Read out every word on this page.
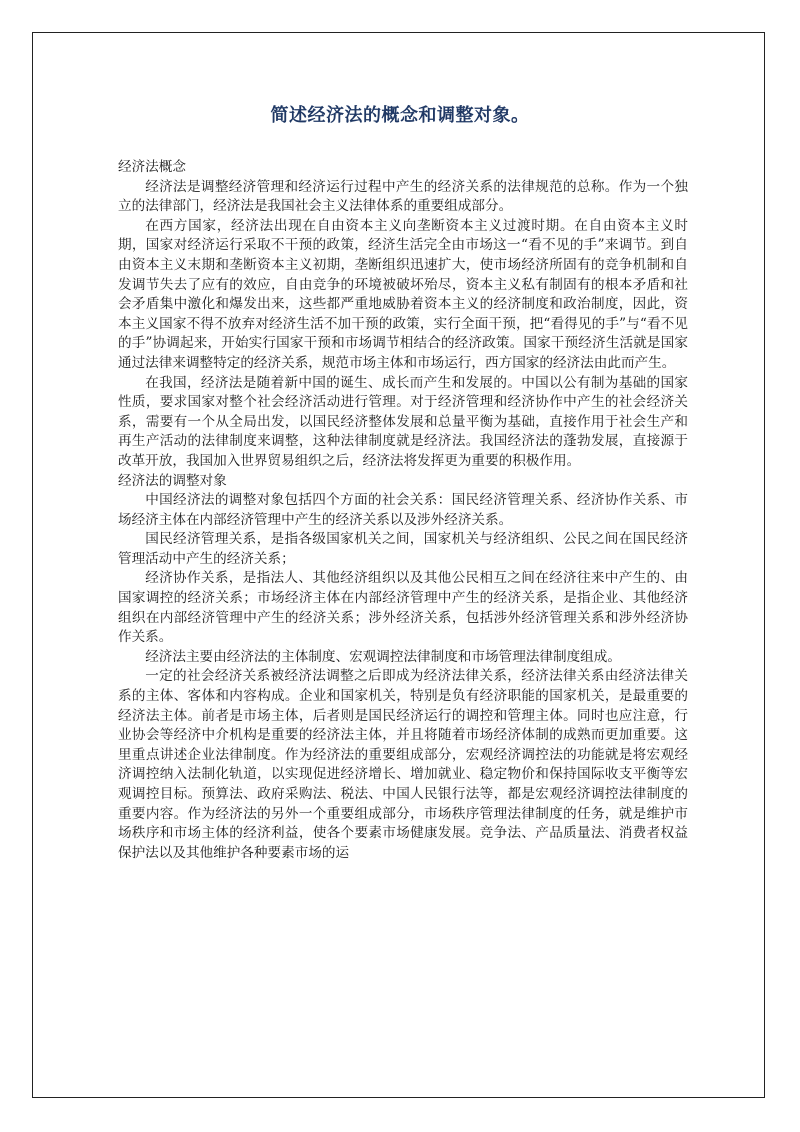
简述经济法的概念和调整对象。

经济法概念

经济法是调整经济管理和经济运行过程中产生的经济关系的法律规范的总称。作为一个独立的法律部门，经济法是我国社会主义法律体系的重要组成部分。

在西方国家，经济法出现在自由资本主义向垄断资本主义过渡时期。在自由资本主义时期，国家对经济运行采取不干预的政策，经济生活完全由市场这一“看不见的手”来调节。到自由资本主义末期和垄断资本主义初期，垄断组织迅速扩大，使市场经济所固有的竞争机制和自发调节失去了应有的效应，自由竞争的环境被破坏殆尽，资本主义私有制固有的根本矛盾和社会矛盾集中激化和爆发出来，这些都严重地威胁着资本主义的经济制度和政治制度，因此，资本主义国家不得不放弃对经济生活不加干预的政策，实行全面干预，把“看得见的手”与“看不见的手”协调起来，开始实行国家干预和市场调节相结合的经济政策。国家干预经济生活就是国家通过法律来调整特定的经济关系，规范市场主体和市场运行，西方国家的经济法由此而产生。

在我国，经济法是随着新中国的诞生、成长而产生和发展的。中国以公有制为基础的国家性质，要求国家对整个社会经济活动进行管理。对于经济管理和经济协作中产生的社会经济关系，需要有一个从全局出发，以国民经济整体发展和总量平衡为基础，直接作用于社会生产和再生产活动的法律制度来调整，这种法律制度就是经济法。我国经济法的蓬勃发展，直接源于改革开放，我国加入世界贸易组织之后，经济法将发挥更为重要的积极作用。

经济法的调整对象

中国经济法的调整对象包括四个方面的社会关系：国民经济管理关系、经济协作关系、市场经济主体在内部经济管理中产生的经济关系以及涉外经济关系。

国民经济管理关系，是指各级国家机关之间，国家机关与经济组织、公民之间在国民经济管理活动中产生的经济关系；

经济协作关系，是指法人、其他经济组织以及其他公民相互之间在经济往来中产生的、由国家调控的经济关系；市场经济主体在内部经济管理中产生的经济关系，是指企业、其他经济组织在内部经济管理中产生的经济关系；涉外经济关系，包括涉外经济管理关系和涉外经济协作关系。

经济法主要由经济法的主体制度、宏观调控法律制度和市场管理法律制度组成。

一定的社会经济关系被经济法调整之后即成为经济法律关系，经济法律关系由经济法律关系的主体、客体和内容构成。企业和国家机关，特别是负有经济职能的国家机关，是最重要的经济法主体。前者是市场主体，后者则是国民经济运行的调控和管理主体。同时也应注意，行业协会等经济中介机构是重要的经济法主体，并且将随着市场经济体制的成熟而更加重要。这里重点讲述企业法律制度。作为经济法的重要组成部分，宏观经济调控法的功能就是将宏观经济调控纳入法制化轨道，以实现促进经济增长、增加就业、稳定物价和保持国际收支平衡等宏观调控目标。预算法、政府采购法、税法、中国人民银行法等，都是宏观经济调控法律制度的重要内容。作为经济法的另外一个重要组成部分，市场秩序管理法律制度的任务，就是维护市场秩序和市场主体的经济利益，使各个要素市场健康发展。竞争法、产品质量法、消费者权益保护法以及其他维护各种要素市场的运
